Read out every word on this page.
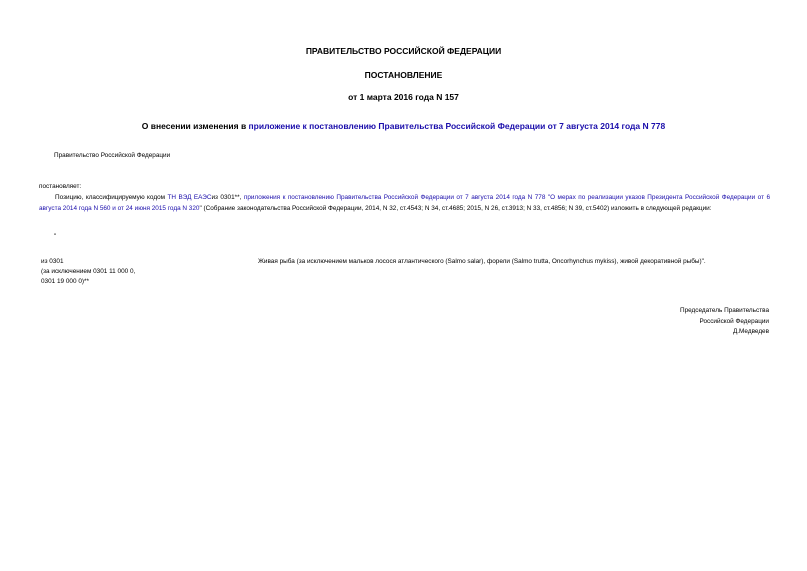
ПРАВИТЕЛЬСТВО РОССИЙСКОЙ ФЕДЕРАЦИИ
ПОСТАНОВЛЕНИЕ
от 1 марта 2016 года N 157
О внесении изменения в приложение к постановлению Правительства Российской Федерации от 7 августа 2014 года N 778
Правительство Российской Федерации
постановляет:
Позицию, классифицируемую кодом ТН ВЭД ЕАЭСиз 0301**, приложения к постановлению Правительства Российской Федерации от 7 августа 2014 года N 778 "О мерах по реализации указов Президента Российской Федерации от 6 августа 2014 года N 560 и от 24 июня 2015 года N 320" (Собрание законодательства Российской Федерации, 2014, N 32, ст.4543; N 34, ст.4685; 2015, N 26, ст.3913; N 33, ст.4856; N 39, ст.5402) изложить в следующей редакции:
"
из 0301
(за исключением 0301 11 000 0,
0301 19 000 0)**
Живая рыба (за исключением мальков лосося атлантического (Salmo salar), форели (Salmo trutta, Oncorhynchus mykiss), живой декоративной рыбы)".
Председатель Правительства
Российской Федерации
Д.Медведев
